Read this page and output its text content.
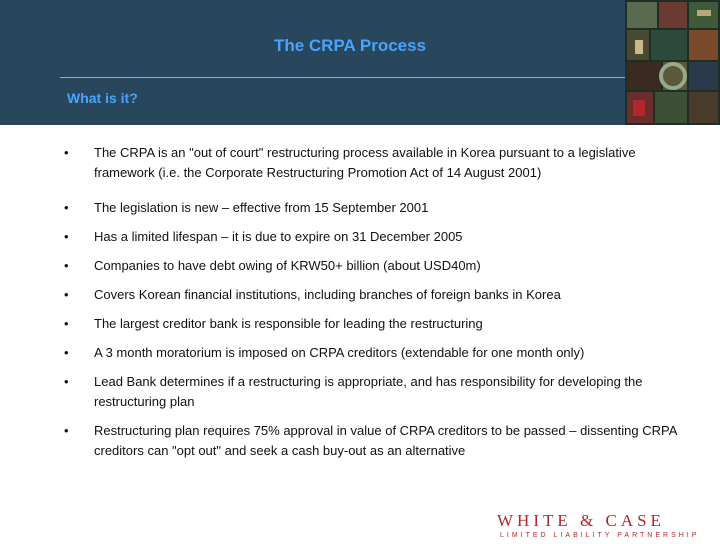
The CRPA Process
What is it?
• The CRPA is an "out of court" restructuring process available in Korea pursuant to a legislative framework (i.e. the Corporate Restructuring Promotion Act of 14 August 2001)
• The legislation is new – effective from 15 September 2001
• Has a limited lifespan – it is due to expire on 31 December 2005
• Companies to have debt owing of KRW50+ billion (about USD40m)
• Covers Korean financial institutions, including branches of foreign banks in Korea
• The largest creditor bank is responsible for leading the restructuring
• A 3 month moratorium is imposed on CRPA creditors (extendable for one month only)
• Lead Bank determines if a restructuring is appropriate, and has responsibility for developing the restructuring plan
• Restructuring plan requires 75% approval in value of CRPA creditors to be passed – dissenting CRPA creditors can "opt out" and seek a cash buy-out as an alternative
WHITE & CASE
LIMITED LIABILITY PARTNERSHIP
